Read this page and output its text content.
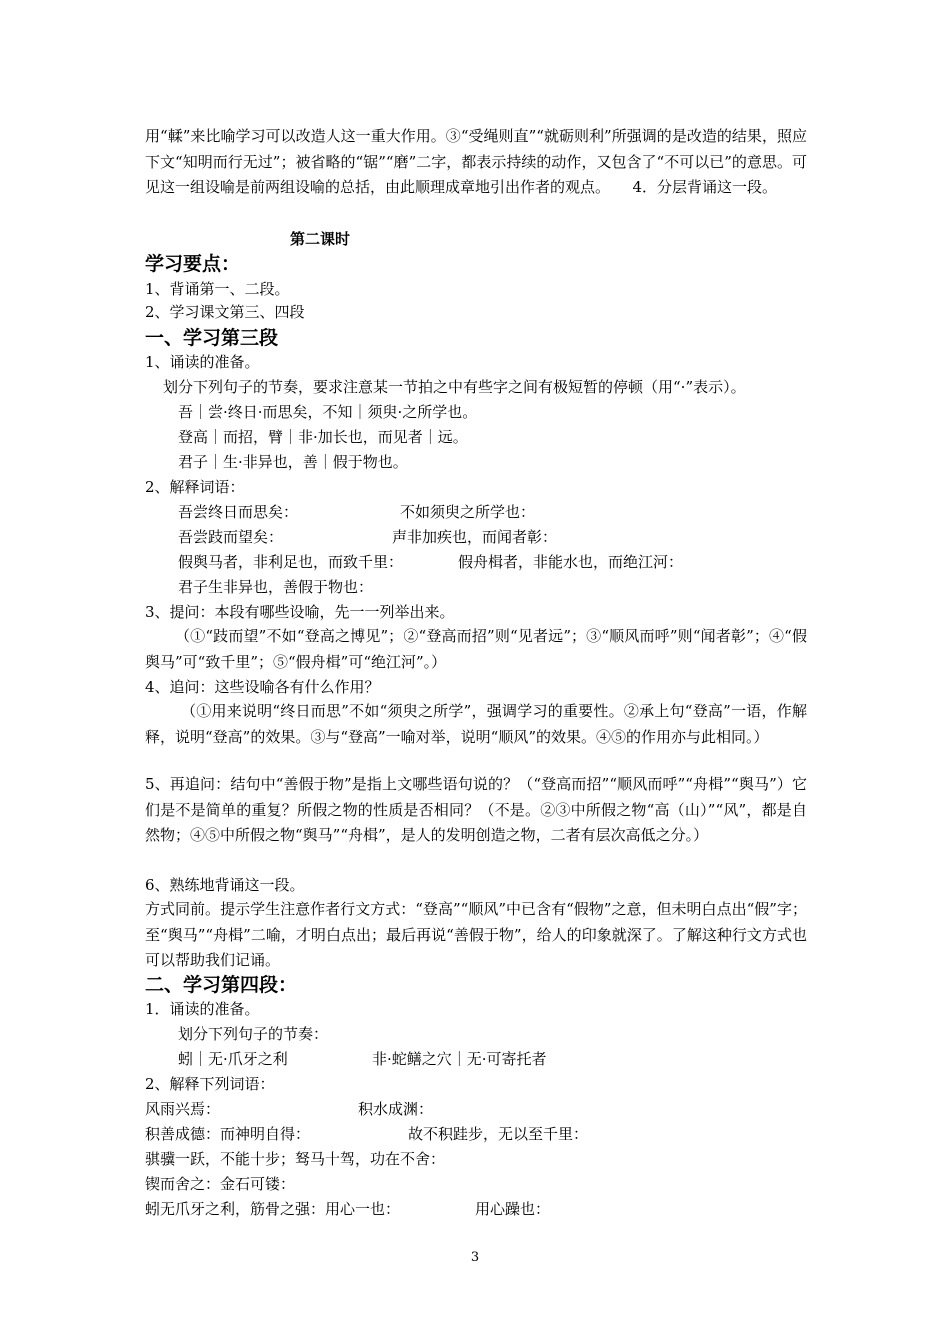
用“輮”来比喻学习可以改造人这一重大作用。③“受绳则直”“就砺则利”所强调的是改造的结果，照应下文“知明而行无过”；被省略的“锯”“磨”二字，都表示持续的动作，又包含了“不可以已”的意思。可见这一组设喻是前两组设喻的总括，由此顺理成章地引出作者的观点。　　4．分层背诵这一段。
第二课时
学习要点：
1、背诵第一、二段。
2、学习课文第三、四段
一、学习第三段
1、诵读的准备。
划分下列句子的节奏，要求注意某一节拍之中有些字之间有极短暂的停顿（用“·”表示）。
吾｜尝·终日·而思矣，不知｜须臾·之所学也。
登高｜而招，臂｜非·加长也，而见者｜远。
君子｜生·非异也，善｜假于物也。
2、解释词语：
吾尝终日而思矣：	不如须臾之所学也：
吾尝跂而望矣：	声非加疾也，而闻者彰：
假舆马者，非利足也，而致千里：	假舟楫者，非能水也，而绝江河：
君子生非异也，善假于物也：
3、提问：本段有哪些设喻，先一一列举出来。
（①“跂而望”不如“登高之博见”；②“登高而招”则“见者远”；③“顺风而呼”则“闻者彰”；④“假舆马”可“致千里”；⑤“假舟楫”可“绝江河”。）
4、追问：这些设喻各有什么作用？
（①用来说明“终日而思”不如“须臾之所学”，强调学习的重要性。②承上句“登高”一语，作解释，说明“登高”的效果。③与“登高”一喻对举，说明“顺风”的效果。④⑤的作用亦与此相同。）
5、再追问：结句中“善假于物”是指上文哪些语句说的？（“登高而招”“顺风而呼”“舟楫”“舆马”）它们是不是简单的重复？所假之物的性质是否相同？（不是。②③中所假之物“高（山）”“风”，都是自然物；④⑤中所假之物“舆马”“舟楫”，是人的发明创造之物，二者有层次高低之分。）
6、熟练地背诵这一段。
方式同前。提示学生注意作者行文方式：“登高”“顺风”中已含有“假物”之意，但未明白点出“假”字；至“舆马”“舟楫”二喻，才明白点出；最后再说“善假于物”，给人的印象就深了。了解这种行文方式也可以帮助我们记诵。
二、学习第四段：
1．诵读的准备。
划分下列句子的节奏：
蚓｜无·爪牙之利	非·蛇鳝之穴｜无·可寄托者
2、解释下列词语：
风雨兴焉：	积水成渊：
积善成德：而神明自得：	故不积跬步，无以至千里：
骐骥一跃，不能十步；驽马十驾，功在不舍：
锲而舍之：金石可镂：
蚓无爪牙之利，筋骨之强：用心一也：	用心躁也：
3
